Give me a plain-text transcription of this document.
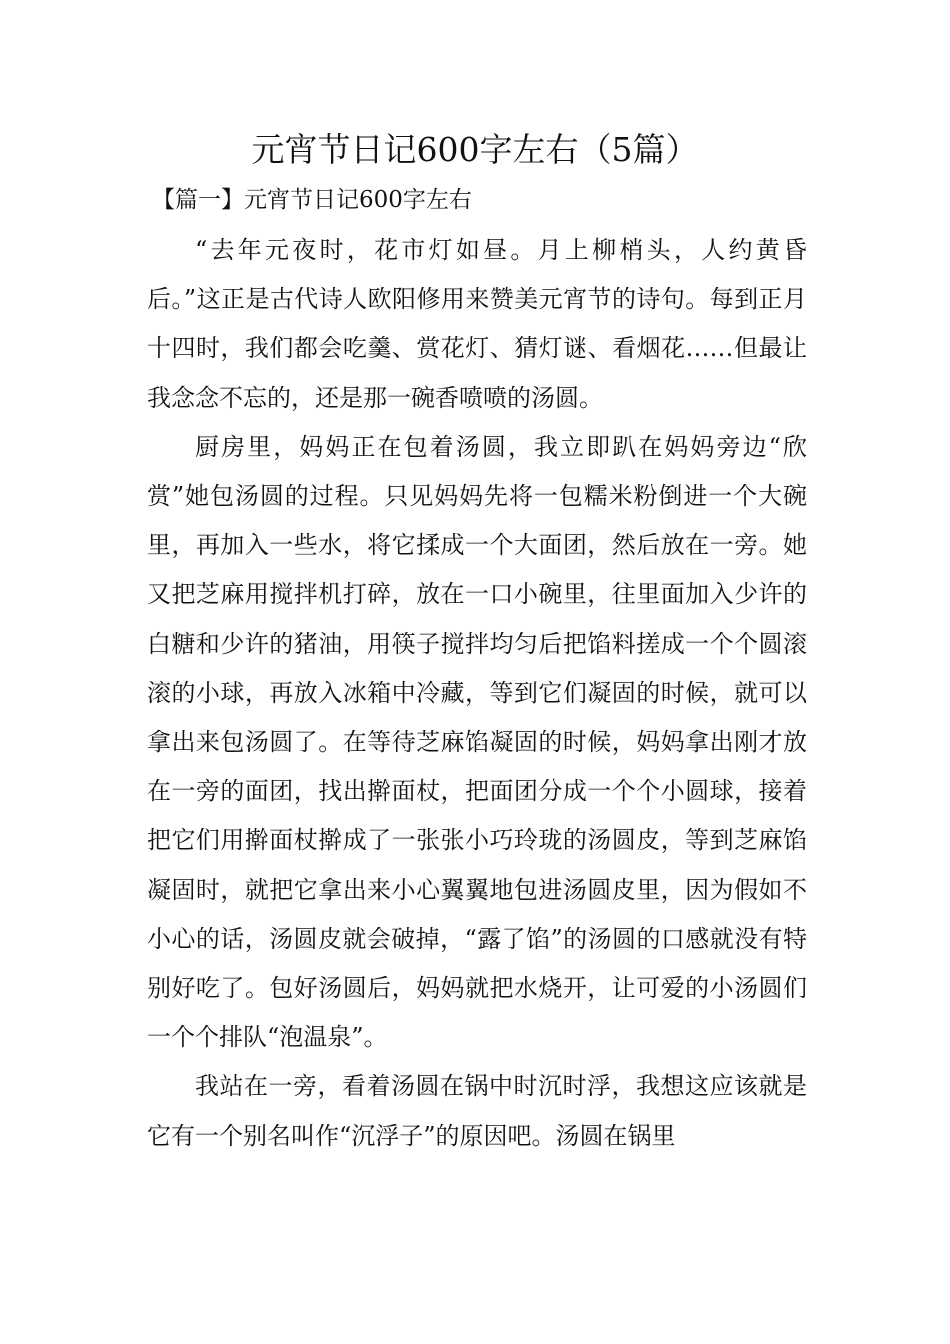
元宵节日记600字左右（5篇）
【篇一】元宵节日记600字左右

“去年元夜时，花市灯如昼。月上柳梢头，人约黄昏后。”这正是古代诗人欧阳修用来赞美元宵节的诗句。每到正月十四时，我们都会吃羹、赏花灯、猜灯谜、看烟花……但最让我念念不忘的，还是那一碗香喷喷的汤圆。

厨房里，妈妈正在包着汤圆，我立即趴在妈妈旁边“欣赏”她包汤圆的过程。只见妈妈先将一包糯米粉倒进一个大碗里，再加入一些水，将它揉成一个大面团，然后放在一旁。她又把芝麻用搅拌机打碎，放在一口小碗里，往里面加入少许的白糖和少许的猪油，用筷子搅拌均匀后把馅料搓成一个个圆滚滚的小球，再放入冰箱中冷藏，等到它们凝固的时候，就可以拿出来包汤圆了。在等待芝麻馅凝固的时候，妈妈拿出刚才放在一旁的面团，找出擀面杖，把面团分成一个个小圆球，接着把它们用擀面杖擀成了一张张小巧玲珑的汤圆皮，等到芝麻馅凝固时，就把它拿出来小心翼翼地包进汤圆皮里，因为假如不小心的话，汤圆皮就会破掉，“露了馅”的汤圆的口感就没有特别好吃了。包好汤圆后，妈妈就把水烧开，让可爱的小汤圆们一个个排队“泡温泉”。

我站在一旁，看着汤圆在锅中时沉时浮，我想这应该就是它有一个别名叫作“沉浮子”的原因吧。汤圆在锅里
